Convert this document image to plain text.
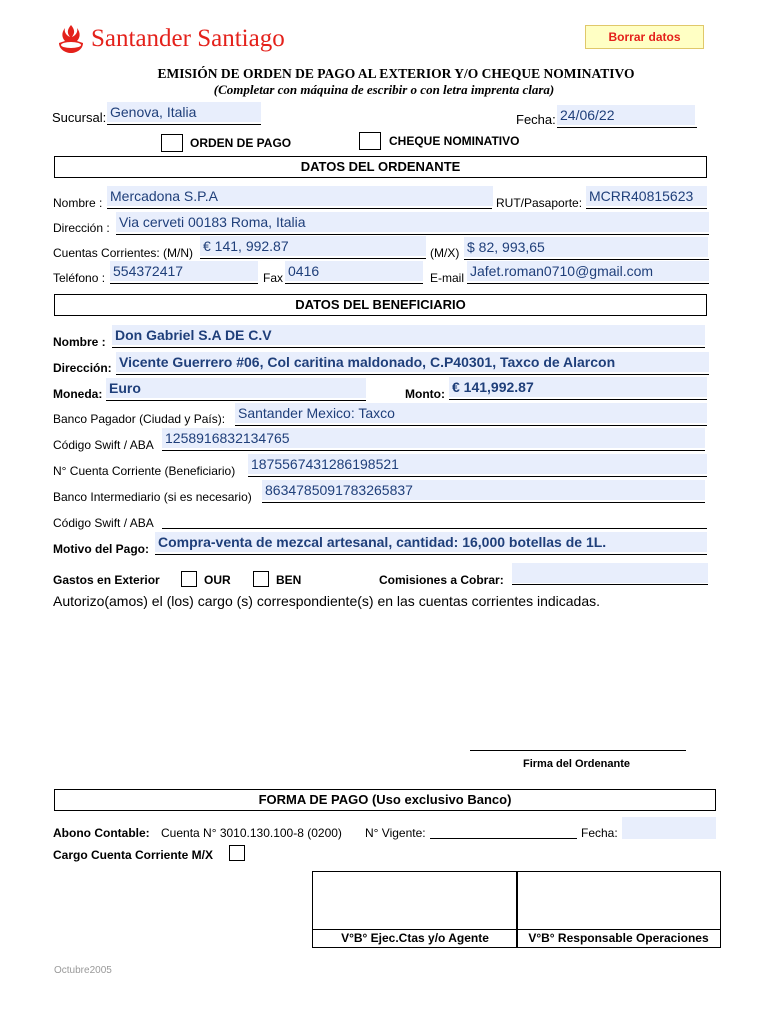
Santander Santiago	Borrar datos
EMISIÓN DE ORDEN DE PAGO AL EXTERIOR Y/O CHEQUE NOMINATIVO
(Completar con máquina de escribir o con letra imprenta clara)
Sucursal: Genova, Italia	Fecha: 24/06/22
ORDEN DE PAGO	CHEQUE NOMINATIVO
DATOS DEL ORDENANTE
Nombre : Mercadona S.P.A	RUT/Pasaporte: MCRR40815623
Dirección : Via cerveti 00183 Roma, Italia
Cuentas Corrientes: (M/N) € 141, 992.87	(M/X) $ 82, 993,65
Teléfono : 554372417	Fax 0416	E-mail Jafet.roman0710@gmail.com
DATOS DEL BENEFICIARIO
Nombre : Don Gabriel S.A DE C.V
Dirección: Vicente Guerrero #06, Col caritina maldonado, C.P40301, Taxco de Alarcon
Moneda: Euro	Monto: € 141,992.87
Banco Pagador (Ciudad y País): Santander Mexico: Taxco
Código Swift / ABA 1258916832134765
N° Cuenta Corriente (Beneficiario) 1875567431286198521
Banco Intermediario (si es necesario) 8634785091783265837
Código Swift / ABA
Motivo del Pago: Compra-venta de mezcal artesanal, cantidad: 16,000 botellas de 1L.
Gastos en Exterior	OUR	BEN	Comisiones a Cobrar:
Autorizo(amos) el (los) cargo (s) correspondiente(s) en las cuentas corrientes indicadas.
Firma del Ordenante
FORMA DE PAGO (Uso exclusivo Banco)
Abono Contable: Cuenta N° 3010.130.100-8 (0200) N° Vigente:	Fecha:
Cargo Cuenta Corriente M/X
V°B° Ejec.Ctas y/o Agente	V°B° Responsable Operaciones
Octubre2005
